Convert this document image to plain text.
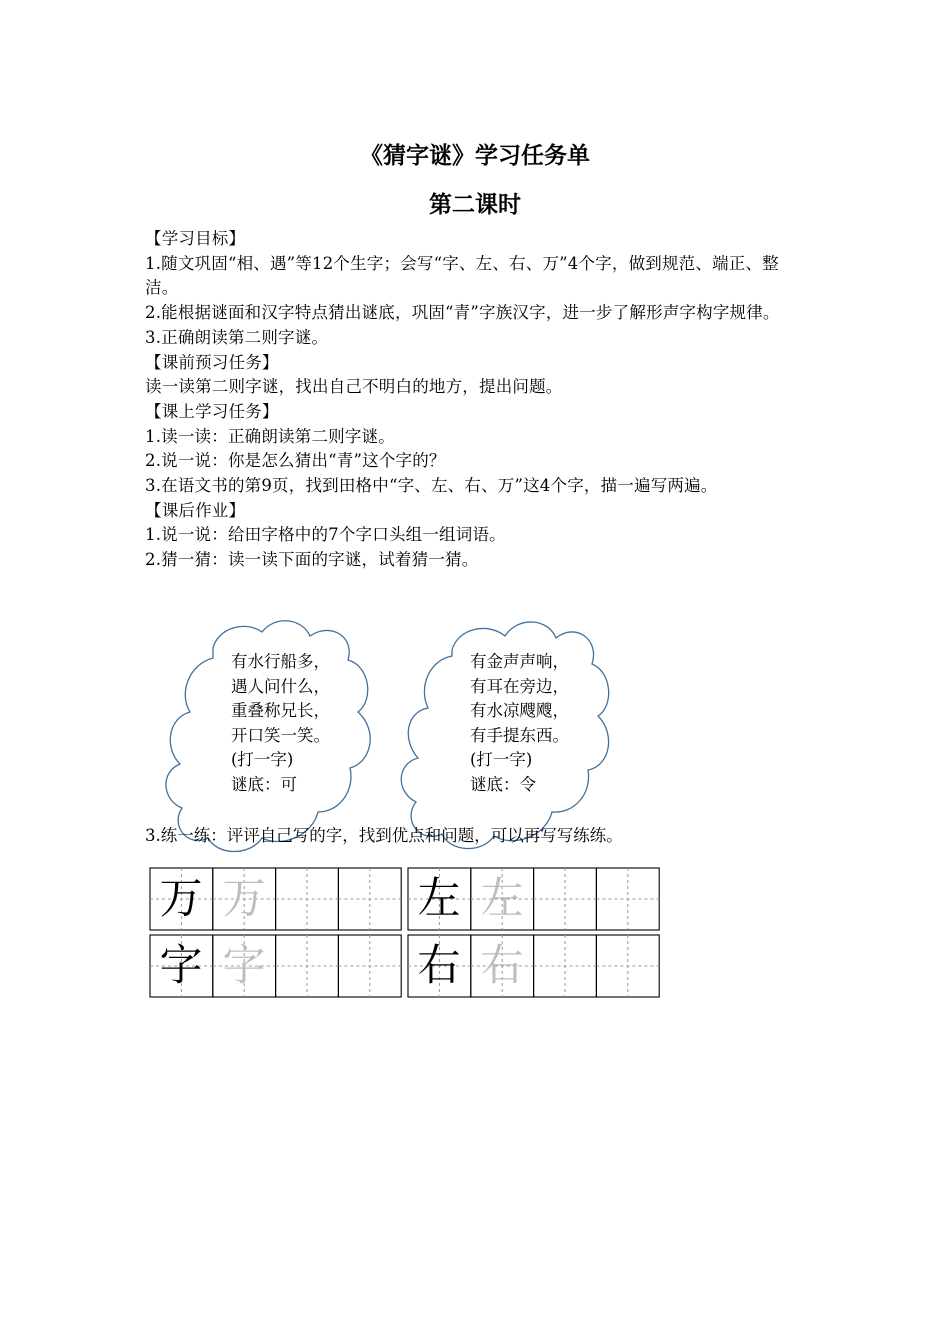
《猜字谜》学习任务单
第二课时

【学习目标】

1.随文巩固“相、遇”等12个生字；会写“字、左、右、万”4个字，做到规范、端正、整洁。

2.能根据谜面和汉字特点猜出谜底，巩固“青”字族汉字，进一步了解形声字构字规律。

3.正确朗读第二则字谜。

【课前预习任务】

读一读第二则字谜，找出自己不明白的地方，提出问题。

【课上学习任务】

1.读一读：正确朗读第二则字谜。

2.说一说：你是怎么猜出“青”这个字的？

3.在语文书的第9页，找到田格中“字、左、右、万”这4个字，描一遍写两遍。

【课后作业】

1.说一说：给田字格中的7个字口头组一组词语。

2.猜一猜：读一读下面的字谜，试着猜一猜。

有水行船多，

遇人问什么，

重叠称兄长，

开口笑一笑。

(打一字)

谜底：可

有金声声响，

有耳在旁边，

有水凉飕飕，

有手提东西。

(打一字)

谜底：令

3.练一练：评评自己写的字，找到优点和问题，可以再写写练练。
万 万	左 左
字 字	右 右
